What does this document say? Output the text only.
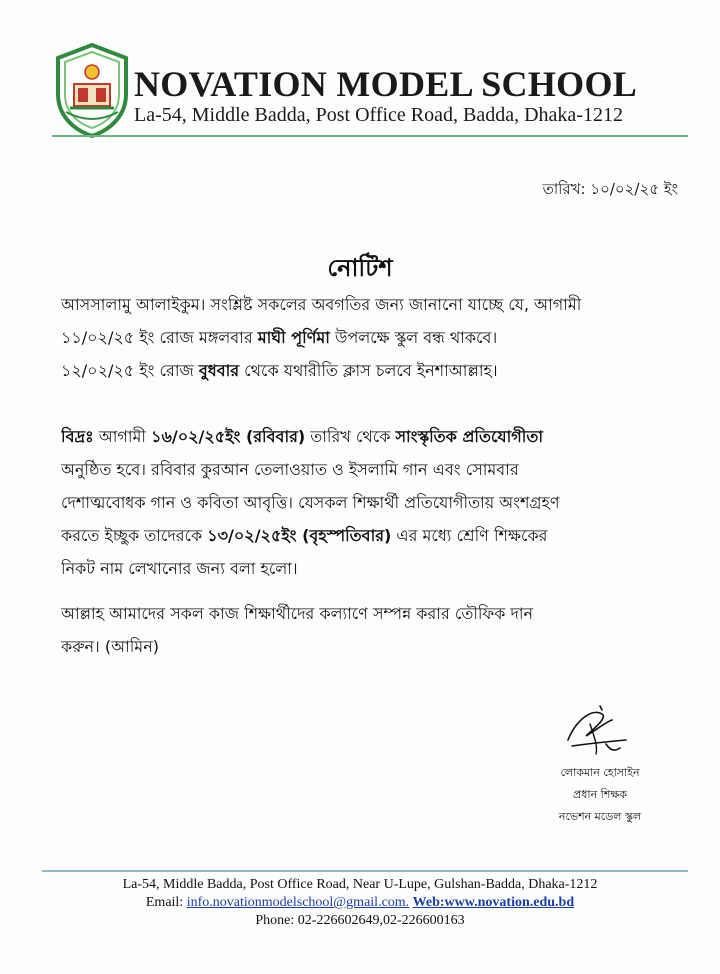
NOVATION MODEL SCHOOL
La-54, Middle Badda, Post Office Road, Badda, Dhaka-1212
তারিখ: ১০/০২/২৫ ইং
নোটিশ
আসসালামু আলাইকুম। সংশ্লিষ্ট সকলের অবগতির জন্য জানানো যাচ্ছে যে, আগামী
১১/০২/২৫ ইং রোজ মঙ্গলবার মাঘী পূর্ণিমা উপলক্ষে স্কুল বন্ধ থাকবে।
১২/০২/২৫ ইং রোজ বুধবার থেকে যথারীতি ক্লাস চলবে ইনশাআল্লাহ।
বিদ্রঃ আগামী ১৬/০২/২৫ইং (রবিবার) তারিখ থেকে সাংস্কৃতিক প্রতিযোগীতা
অনুষ্ঠিত হবে। রবিবার কুরআন তেলাওয়াত ও ইসলামি গান এবং সোমবার
দেশাত্মবোধক গান ও কবিতা আবৃত্তি। যেসকল শিক্ষার্থী প্রতিযোগীতায় অংশগ্রহণ
করতে ইচ্ছুক তাদেরকে ১৩/০২/২৫ইং (বৃহস্পতিবার) এর মধ্যে শ্রেণি শিক্ষকের
নিকট নাম লেখানোর জন্য বলা হলো।
আল্লাহ আমাদের সকল কাজ শিক্ষার্থীদের কল্যাণে সম্পন্ন করার তৌফিক দান
করুন। (আমিন)
লোকমান হোসাইন
প্রধান শিক্ষক
নভেশন মডেল স্কুল
La-54, Middle Badda, Post Office Road, Near U-Lupe, Gulshan-Badda, Dhaka-1212
Email: info.novationmodelschool@gmail.com. Web:www.novation.edu.bd
Phone: 02-226602649,02-226600163
